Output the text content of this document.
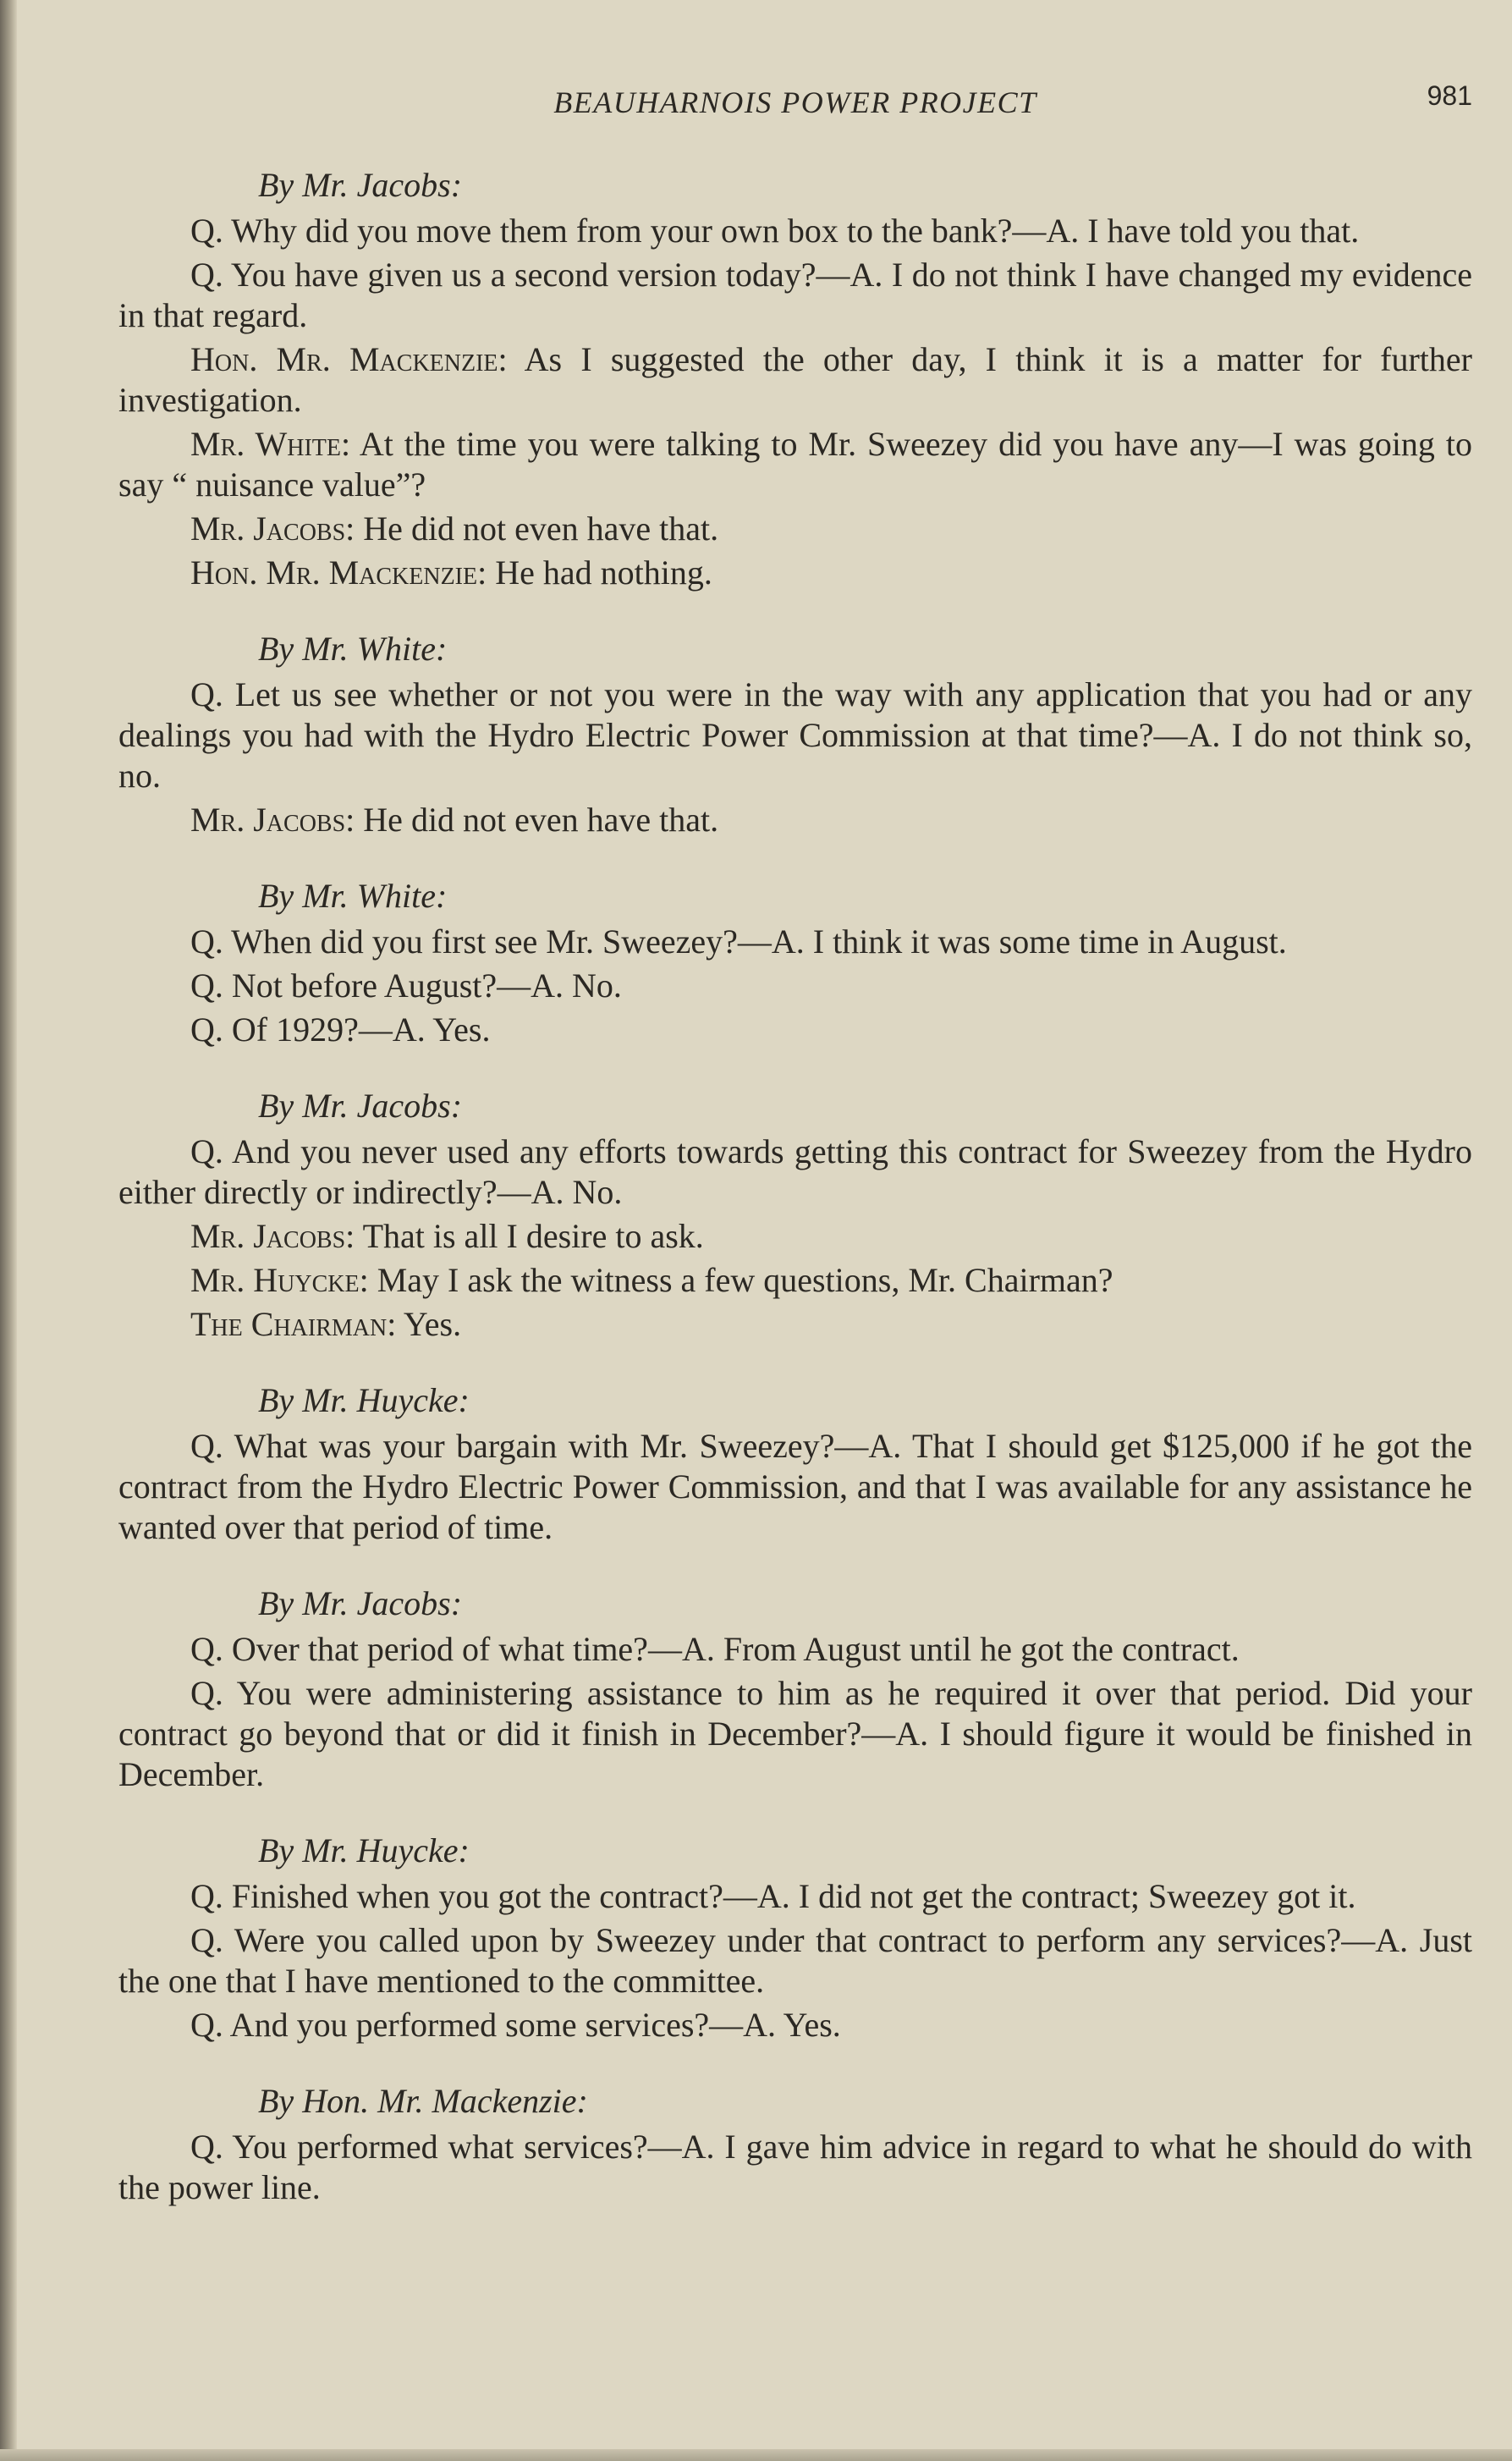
BEAUHARNOIS POWER PROJECT	981
By Mr. Jacobs:

Q. Why did you move them from your own box to the bank?—A. I have told you that.

Q. You have given us a second version today?—A. I do not think I have changed my evidence in that regard.

Hon. Mr. Mackenzie: As I suggested the other day, I think it is a matter for further investigation.

Mr. White: At the time you were talking to Mr. Sweezey did you have any—I was going to say “ nuisance value”?

Mr. Jacobs: He did not even have that.

Hon. Mr. Mackenzie: He had nothing.

By Mr. White:

Q. Let us see whether or not you were in the way with any application that you had or any dealings you had with the Hydro Electric Power Commission at that time?—A. I do not think so, no.

Mr. Jacobs: He did not even have that.

By Mr. White:

Q. When did you first see Mr. Sweezey?—A. I think it was some time in August.

Q. Not before August?—A. No.

Q. Of 1929?—A. Yes.

By Mr. Jacobs:

Q. And you never used any efforts towards getting this contract for Sweezey from the Hydro either directly or indirectly?—A. No.

Mr. Jacobs: That is all I desire to ask.

Mr. Huycke: May I ask the witness a few questions, Mr. Chairman?

The Chairman: Yes.

By Mr. Huycke:

Q. What was your bargain with Mr. Sweezey?—A. That I should get $125,000 if he got the contract from the Hydro Electric Power Commission, and that I was available for any assistance he wanted over that period of time.

By Mr. Jacobs:

Q. Over that period of what time?—A. From August until he got the contract.

Q. You were administering assistance to him as he required it over that period. Did your contract go beyond that or did it finish in December?—A. I should figure it would be finished in December.

By Mr. Huycke:

Q. Finished when you got the contract?—A. I did not get the contract; Sweezey got it.

Q. Were you called upon by Sweezey under that contract to perform any services?—A. Just the one that I have mentioned to the committee.

Q. And you performed some services?—A. Yes.

By Hon. Mr. Mackenzie:

Q. You performed what services?—A. I gave him advice in regard to what he should do with the power line.
